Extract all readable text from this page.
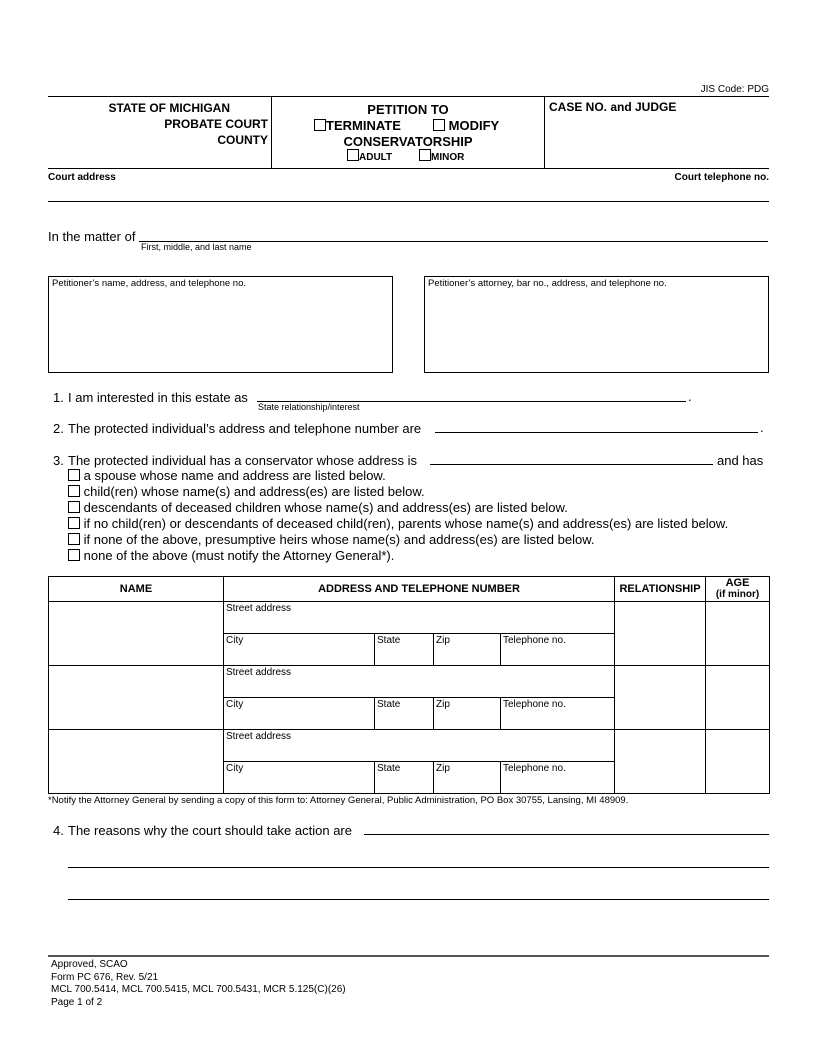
JIS Code: PDG
STATE OF MICHIGAN
PROBATE COURT
COUNTY
PETITION TO
TERMINATE	MODIFY
CONSERVATORSHIP
ADULT	MINOR
CASE NO. and JUDGE
Court address	Court telephone no.
In the matter of
First, middle, and last name
Petitioner’s name, address, and telephone no.	Petitioner’s attorney, bar no., address, and telephone no.
1. I am interested in this estate as	.
State relationship/interest
2. The protected individual’s address and telephone number are	.
3. The protected individual has a conservator whose address is	and has
a spouse whose name and address are listed below.
child(ren) whose name(s) and address(es) are listed below.
descendants of deceased children whose name(s) and address(es) are listed below.
if no child(ren) or descendants of deceased child(ren), parents whose name(s) and address(es) are listed below.
if none of the above, presumptive heirs whose name(s) and address(es) are listed below.
none of the above (must notify the Attorney General*).
NAME	ADDRESS AND TELEPHONE NUMBER				RELATIONSHIP	AGE
(if minor)

	Street address					
	City	State	Zip	Telephone no.		
	Street address					
	City	State	Zip	Telephone no.		
	Street address					
	City	State	Zip	Telephone no.		
*Notify the Attorney General by sending a copy of this form to: Attorney General, Public Administration, PO Box 30755, Lansing, MI 48909.
4. The reasons why the court should take action are
Approved, SCAO
Form PC 676, Rev. 5/21
MCL 700.5414, MCL 700.5415, MCL 700.5431, MCR 5.125(C)(26)
Page 1 of 2
